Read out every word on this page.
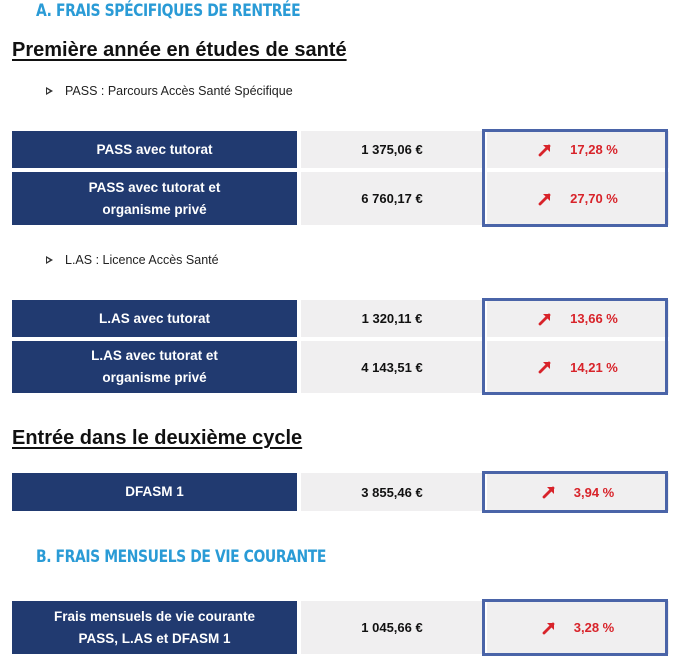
A. FRAIS SPÉCIFIQUES DE RENTRÉE
Première année en études de santé
PASS : Parcours Accès Santé Spécifique
PASS avec tutorat	1 375,06 €	17,28 %
PASS avec tutorat et
organisme privé
6 760,17 €	27,70 %
L.AS : Licence Accès Santé
L.AS avec tutorat	1 320,11 €	13,66 %
L.AS avec tutorat et
organisme privé
4 143,51 €	14,21 %
Entrée dans le deuxième cycle
DFASM 1	3 855,46 €	3,94 %
B. FRAIS MENSUELS DE VIE COURANTE
Frais mensuels de vie courante
PASS, L.AS et DFASM 1
1 045,66 €	3,28 %
